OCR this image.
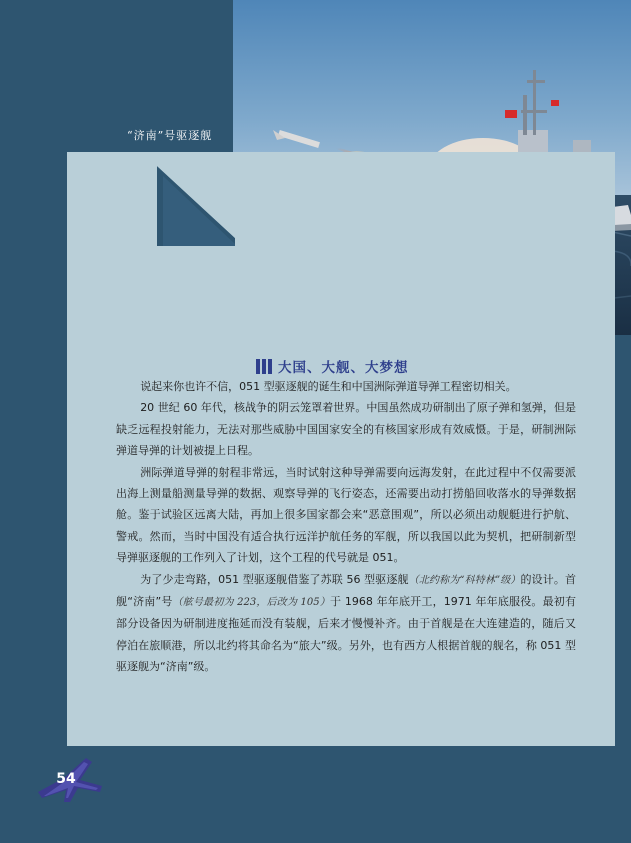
“济南”号驱逐舰
大国、大舰、大梦想

说起来你也许不信，051 型驱逐舰的诞生和中国洲际弹道导弹工程密切相关。

20 世纪 60 年代，核战争的阴云笼罩着世界。中国虽然成功研制出了原子弹和氢弹，但是缺乏远程投射能力，无法对那些威胁中国国家安全的有核国家形成有效威慑。于是，研制洲际弹道导弹的计划被提上日程。

洲际弹道导弹的射程非常远，当时试射这种导弹需要向远海发射，在此过程中不仅需要派出海上测量船测量导弹的数据、观察导弹的飞行姿态，还需要出动打捞船回收落水的导弹数据舱。鉴于试验区远离大陆，再加上很多国家都会来“恶意围观”，所以必须出动舰艇进行护航、警戒。然而，当时中国没有适合执行远洋护航任务的军舰，所以我国以此为契机，把研制新型导弹驱逐舰的工作列入了计划，这个工程的代号就是 051。

为了少走弯路，051 型驱逐舰借鉴了苏联 56 型驱逐舰（北约称为“科特林”级）的设计。首舰“济南”号（舷号最初为 223，后改为 105）于 1968 年年底开工，1971 年年底服役。最初有部分设备因为研制进度拖延而没有装舰，后来才慢慢补齐。由于首舰是在大连建造的，随后又停泊在旅顺港，所以北约将其命名为“旅大”级。另外，也有西方人根据首舰的舰名，称 051 型驱逐舰为“济南”级。

54
